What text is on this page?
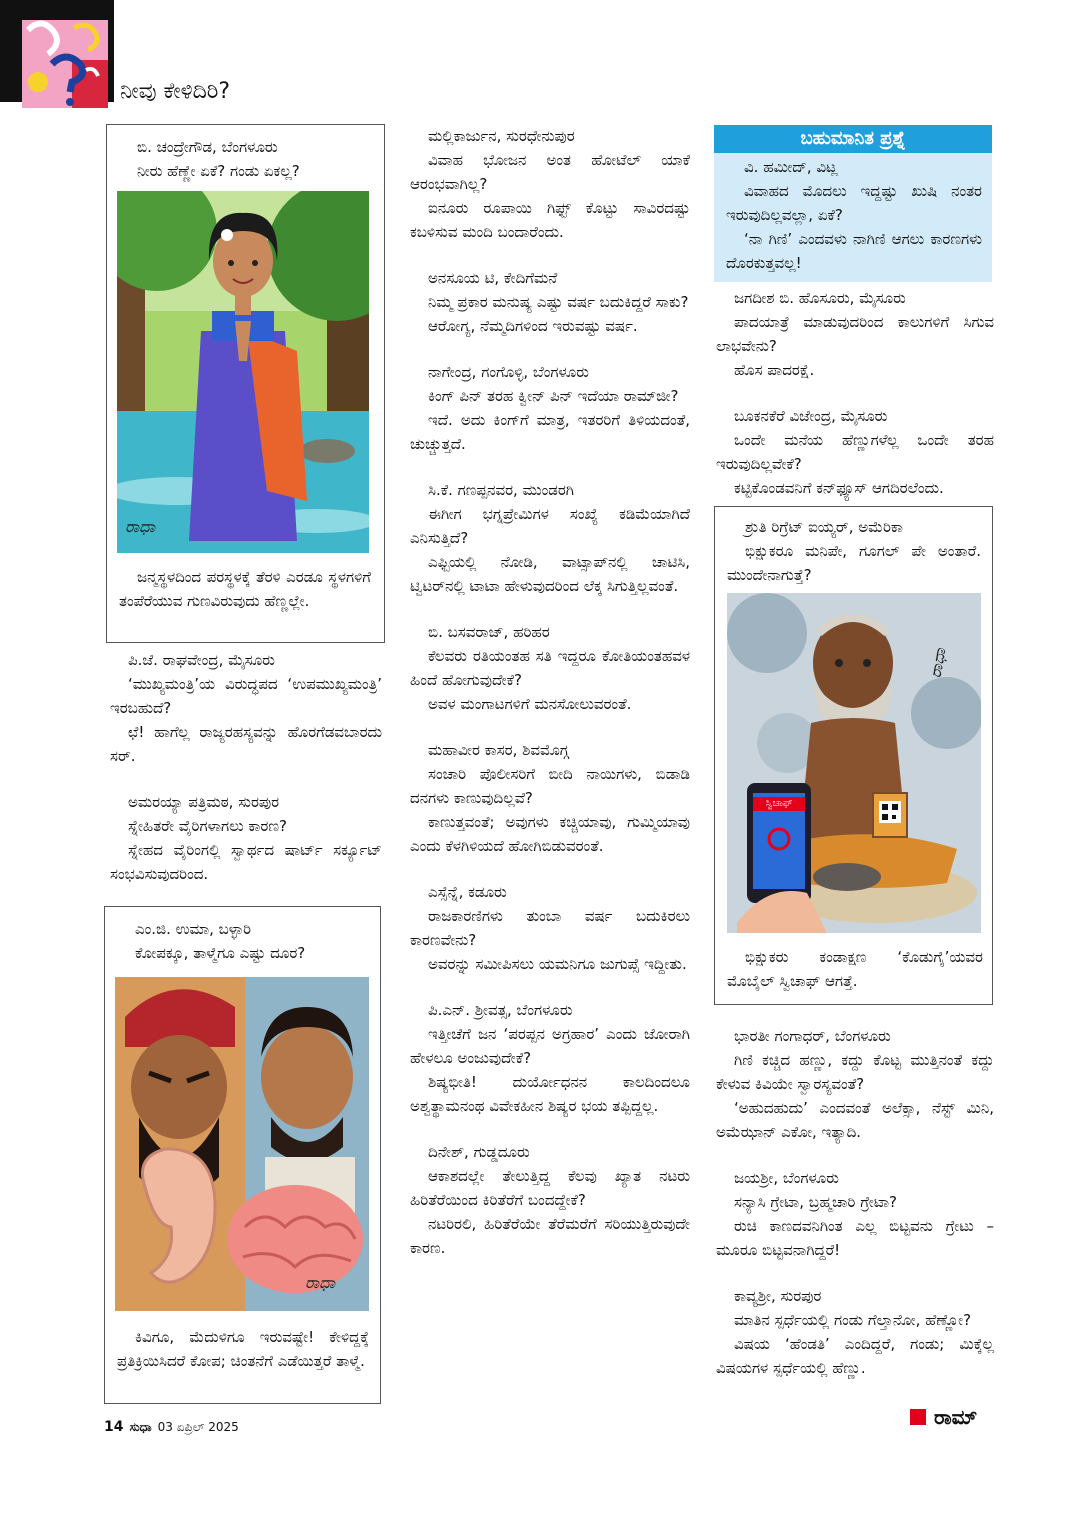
ನೀವು ಕೇಳಿದಿರಿ?
ಬಿ. ಚಂದ್ರೇಗೌಡ, ಬೆಂಗಳೂರು
ನೀರು ಹೆಣ್ಣೇ ಏಕೆ? ಗಂಡು ಏಕಲ್ಲ?
ರಾಧಾ
ಜನ್ಮಸ್ಥಳದಿಂದ ಪರಸ್ಥಳಕ್ಕೆ ತೆರಳಿ ಎರಡೂ ಸ್ಥಳಗಳಿಗೆ ತಂಪೆರೆಯುವ ಗುಣವಿರುವುದು ಹೆಣ್ಣಲ್ಲೇ.
ಪಿ.ಜೆ. ರಾಘವೇಂದ್ರ, ಮೈಸೂರು
‘ಮುಖ್ಯಮಂತ್ರಿ’ಯ ವಿರುದ್ಧಪದ ‘ಉಪಮುಖ್ಯಮಂತ್ರಿ’ ಇರಬಹುದೆ?
ಛೆ! ಹಾಗೆಲ್ಲ ರಾಜ್ಯರಹಸ್ಯವನ್ನು ಹೊರಗೆಡವಬಾರದು ಸರ್.
ಅಮರಯ್ಯಾ ಪತ್ರಿಮಠ, ಸುರಪುರ
ಸ್ನೇಹಿತರೇ ವೈರಿಗಳಾಗಲು ಕಾರಣ?
ಸ್ನೇಹದ ವೈರಿಂಗಲ್ಲಿ ಸ್ವಾರ್ಥದ ಷಾರ್ಟ್ ಸರ್ಕ್ಯೂಟ್ ಸಂಭವಿಸುವುದರಿಂದ.
ಎಂ.ಜಿ. ಉಮಾ, ಬಳ್ಳಾರಿ
ಕೋಪಕ್ಕೂ, ತಾಳ್ಮೆಗೂ ಎಷ್ಟು ದೂರ?
ರಾಧಾ
ಕಿವಿಗೂ, ಮೆದುಳಿಗೂ ಇರುವಷ್ಟೇ! ಕೇಳಿದ್ದಕ್ಕೆ ಪ್ರತಿಕ್ರಿಯಿಸಿದರೆ ಕೋಪ; ಚಿಂತನೆಗೆ ಎಡೆಯಿತ್ತರೆ ತಾಳ್ಮೆ.
ಮಲ್ಲಿಕಾರ್ಜುನ, ಸುರಧೇನುಪುರ
ವಿವಾಹ ಭೋಜನ ಅಂತ ಹೋಟೆಲ್ ಯಾಕೆ ಆರಂಭವಾಗಿಲ್ಲ?
ಐನೂರು ರೂಪಾಯಿ ಗಿಫ್ಟ್ ಕೊಟ್ಟು ಸಾವಿರದಷ್ಟು ಕಬಳಿಸುವ ಮಂದಿ ಬಂದಾರೆಂದು.
ಅನಸೂಯ ಟಿ, ಕೇದಿಗೆಮನೆ
ನಿಮ್ಮ ಪ್ರಕಾರ ಮನುಷ್ಯ ಎಷ್ಟು ವರ್ಷ ಬದುಕಿದ್ದರೆ ಸಾಕು?
ಆರೋಗ್ಯ, ನೆಮ್ಮದಿಗಳಿಂದ ಇರುವಷ್ಟು ವರ್ಷ.
ನಾಗೇಂದ್ರ, ಗಂಗೊಳ್ಳಿ, ಬೆಂಗಳೂರು
ಕಿಂಗ್ ಪಿನ್ ತರಹ ಕ್ವೀನ್ ಪಿನ್ ಇದೆಯಾ ರಾಮ್‌ಜೀ?
ಇದೆ. ಅದು ಕಿಂಗ್‌ಗೆ ಮಾತ್ರ, ಇತರರಿಗೆ ತಿಳಿಯದಂತೆ, ಚುಚ್ಚುತ್ತದೆ.
ಸಿ.ಕೆ. ಗಣಪ್ಪನವರ, ಮುಂಡರಗಿ
ಈಗೀಗ ಭಗ್ನಪ್ರೇಮಿಗಳ ಸಂಖ್ಯೆ ಕಡಿಮೆಯಾಗಿದೆ ಎನಿಸುತ್ತಿದೆ?
ಎಫ್ಬಿಯಲ್ಲಿ ನೋಡಿ, ವಾಟ್ಸಾಪ್‌ನಲ್ಲಿ ಚಾಟಿಸಿ, ಟ್ವಿಟರ್‌ನಲ್ಲಿ ಟಾಟಾ ಹೇಳುವುದರಿಂದ ಲೆಕ್ಕ ಸಿಗುತ್ತಿಲ್ಲವಂತೆ.
ಬಿ. ಬಸವರಾಜ್, ಹರಿಹರ
ಕೆಲವರು ರತಿಯಂತಹ ಸತಿ ಇದ್ದರೂ ಕೋತಿಯಂತಹವಳ ಹಿಂದೆ ಹೋಗುವುದೇಕೆ?
ಅವಳ ಮಂಗಾಟಗಳಿಗೆ ಮನಸೋಲುವರಂತೆ.
ಮಹಾವೀರ ಕಾಸರ, ಶಿವಮೊಗ್ಗ
ಸಂಚಾರಿ ಪೊಲೀಸರಿಗೆ ಬೀದಿ ನಾಯಿಗಳು, ಬಿಡಾಡಿ ದನಗಳು ಕಾಣುವುದಿಲ್ಲವೆ?
ಕಾಣುತ್ತವಂತೆ; ಅವುಗಳು ಕಚ್ಚಿಯಾವು, ಗುಮ್ಮಿಯಾವು ಎಂದು ಕೆಳಗಿಳಿಯದೆ ಹೋಗಿಬಿಡುವರಂತೆ.
ಎಸ್ಸೆನ್ನೆ, ಕಡೂರು
ರಾಜಕಾರಣಿಗಳು ತುಂಬಾ ವರ್ಷ ಬದುಕಿರಲು ಕಾರಣವೇನು?
ಅವರನ್ನು ಸಮೀಪಿಸಲು ಯಮನಿಗೂ ಜುಗುಪ್ಸೆ ಇದ್ದೀತು.
ಪಿ.ಎನ್. ಶ್ರೀವತ್ಸ, ಬೆಂಗಳೂರು
ಇತ್ತೀಚೆಗೆ ಜನ ‘ಪರಪ್ಪನ ಅಗ್ರಹಾರ’ ಎಂದು ಜೋರಾಗಿ ಹೇಳಲೂ ಅಂಜುವುದೇಕೆ?
ಶಿಷ್ಯಭೀತಿ! ದುರ್ಯೋಧನನ ಕಾಲದಿಂದಲೂ ಅಶ್ವತ್ಥಾಮನಂಥ ವಿವೇಕಹೀನ ಶಿಷ್ಯರ ಭಯ ತಪ್ಪಿದ್ದಲ್ಲ.
ದಿನೇಶ್, ಗುಡ್ಡದೂರು
ಆಕಾಶದಲ್ಲೇ ತೇಲುತ್ತಿದ್ದ ಕೆಲವು ಖ್ಯಾತ ನಟರು ಹಿರಿತೆರೆಯಿಂದ ಕಿರಿತೆರೆಗೆ ಬಂದದ್ದೇಕೆ?
ನಟರಿರಲಿ, ಹಿರಿತೆರೆಯೇ ತೆರೆಮರೆಗೆ ಸರಿಯುತ್ತಿರುವುದೇ ಕಾರಣ.
ಬಹುಮಾನಿತ ಪ್ರಶ್ನೆ
ವಿ. ಹಮೀದ್, ವಿಟ್ಲ
ವಿವಾಹದ ಮೊದಲು ಇದ್ದಷ್ಟು ಖುಷಿ ನಂತರ ಇರುವುದಿಲ್ಲವಲ್ಲಾ, ಏಕೆ?
‘ನಾ ಗಿಣಿ’ ಎಂದವಳು ನಾಗಿಣಿ ಆಗಲು ಕಾರಣಗಳು ದೊರಕುತ್ತವಲ್ಲ!
ಜಗದೀಶ ಬಿ. ಹೊಸೂರು, ಮೈಸೂರು
ಪಾದಯಾತ್ರೆ ಮಾಡುವುದರಿಂದ ಕಾಲುಗಳಿಗೆ ಸಿಗುವ ಲಾಭವೇನು?
ಹೊಸ ಪಾದರಕ್ಷೆ.
ಬೂಕನಕೆರೆ ವಿಜೇಂದ್ರ, ಮೈಸೂರು
ಒಂದೇ ಮನೆಯ ಹೆಣ್ಣುಗಳೆಲ್ಲ ಒಂದೇ ತರಹ ಇರುವುದಿಲ್ಲವೇಕೆ?
ಕಟ್ಟಿಕೊಂಡವನಿಗೆ ಕನ್‌ಫ್ಯೂಸ್ ಆಗದಿರಲೆಂದು.
ಶ್ರುತಿ ರಿಗ್ರೆಟ್ ಐಯ್ಯರ್, ಅಮೆರಿಕಾ
ಭಿಕ್ಷುಕರೂ ಮನಿಪೇ, ಗೂಗಲ್ ಪೇ ಅಂತಾರೆ. ಮುಂದೇನಾಗುತ್ತೆ?
ಸ್ವಿಚಾಫ್
ರಾಧಾ
ಭಿಕ್ಷುಕರು ಕಂಡಾಕ್ಷಣ ‘ಕೊಡುಗೈ’ಯವರ ಮೊಬೈಲ್ ಸ್ವಿಚಾಫ್ ಆಗತ್ತೆ.
ಭಾರತೀ ಗಂಗಾಧರ್, ಬೆಂಗಳೂರು
ಗಿಣಿ ಕಚ್ಚಿದ ಹಣ್ಣು, ಕದ್ದು ಕೊಟ್ಟ ಮುತ್ತಿನಂತೆ ಕದ್ದು ಕೇಳುವ ಕಿವಿಯೇ ಸ್ವಾರಸ್ಯವಂತೆ?
‘ಅಹುದಹುದು’ ಎಂದವಂತೆ ಅಲೆಕ್ಸಾ, ನೆಸ್ಟ್ ಮಿನಿ, ಅಮೆಝಾನ್ ಎಕೋ, ಇತ್ಯಾದಿ.
ಜಯಶ್ರೀ, ಬೆಂಗಳೂರು
ಸನ್ಯಾಸಿ ಗ್ರೇಟಾ, ಬ್ರಹ್ಮಚಾರಿ ಗ್ರೇಟಾ?
ರುಚಿ ಕಾಣದವನಿಗಿಂತ ಎಲ್ಲ ಬಿಟ್ಟವನು ಗ್ರೇಟು – ಮೂರೂ ಬಿಟ್ಟವನಾಗಿದ್ದರೆ!
ಕಾವ್ಯಶ್ರೀ, ಸುರಪುರ
ಮಾತಿನ ಸ್ಪರ್ಧೆಯಲ್ಲಿ ಗಂಡು ಗೆಲ್ತಾನೋ, ಹೆಣ್ಣೋ?
ವಿಷಯ ‘ಹೆಂಡತಿ’ ಎಂದಿದ್ದರೆ, ಗಂಡು; ಮಿಕ್ಕೆಲ್ಲ ವಿಷಯಗಳ ಸ್ಪರ್ಧೆಯಲ್ಲಿ ಹೆಣ್ಣು.
ರಾಮ್
14 ಸುಧಾ 03 ಏಪ್ರಿಲ್ 2025
